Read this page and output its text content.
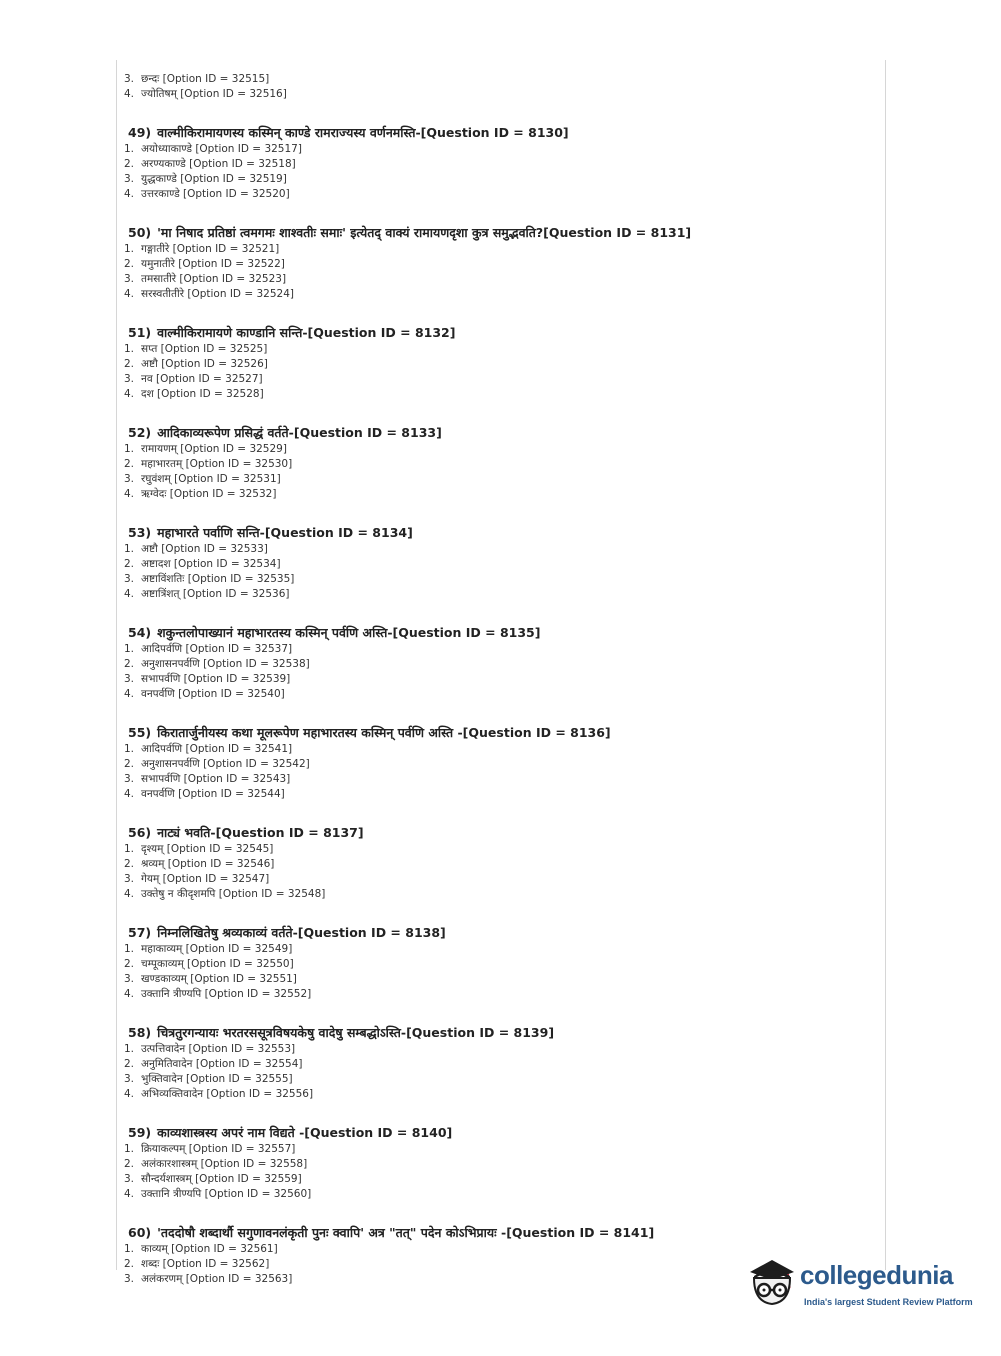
3. छन्दः [Option ID = 32515]
4. ज्योतिषम् [Option ID = 32516]
49) वाल्मीकिरामायणस्य कस्मिन् काण्डे रामराज्यस्य वर्णनमस्ति-[Question ID = 8130]
1. अयोध्याकाण्डे [Option ID = 32517]
2. अरण्यकाण्डे [Option ID = 32518]
3. युद्धकाण्डे [Option ID = 32519]
4. उत्तरकाण्डे [Option ID = 32520]
50) 'मा निषाद प्रतिष्ठां त्वमगमः शाश्वतीः समाः' इत्येतद् वाक्यं रामायणदृशा कुत्र समुद्भवति?[Question ID = 8131]
1. गङ्गातीरे [Option ID = 32521]
2. यमुनातीरे [Option ID = 32522]
3. तमसातीरे [Option ID = 32523]
4. सरस्वतीतीरे [Option ID = 32524]
51) वाल्मीकिरामायणे काण्डानि सन्ति-[Question ID = 8132]
1. सप्त [Option ID = 32525]
2. अष्टौ [Option ID = 32526]
3. नव [Option ID = 32527]
4. दश [Option ID = 32528]
52) आदिकाव्यरूपेण प्रसिद्धं वर्तते-[Question ID = 8133]
1. रामायणम् [Option ID = 32529]
2. महाभारतम् [Option ID = 32530]
3. रघुवंशम् [Option ID = 32531]
4. ऋग्वेदः [Option ID = 32532]
53) महाभारते पर्वाणि सन्ति-[Question ID = 8134]
1. अष्टौ [Option ID = 32533]
2. अष्टादश [Option ID = 32534]
3. अष्टाविंशतिः [Option ID = 32535]
4. अष्टात्रिंशत् [Option ID = 32536]
54) शकुन्तलोपाख्यानं महाभारतस्य कस्मिन् पर्वणि अस्ति-[Question ID = 8135]
1. आदिपर्वणि [Option ID = 32537]
2. अनुशासनपर्वणि [Option ID = 32538]
3. सभापर्वणि [Option ID = 32539]
4. वनपर्वणि [Option ID = 32540]
55) किरातार्जुनीयस्य कथा मूलरूपेण महाभारतस्य कस्मिन् पर्वणि अस्ति -[Question ID = 8136]
1. आदिपर्वणि [Option ID = 32541]
2. अनुशासनपर्वणि [Option ID = 32542]
3. सभापर्वणि [Option ID = 32543]
4. वनपर्वणि [Option ID = 32544]
56) नाट्यं भवति-[Question ID = 8137]
1. दृश्यम् [Option ID = 32545]
2. श्रव्यम् [Option ID = 32546]
3. गेयम् [Option ID = 32547]
4. उक्तेषु न कीदृशमपि [Option ID = 32548]
57) निम्नलिखितेषु श्रव्यकाव्यं वर्तते-[Question ID = 8138]
1. महाकाव्यम् [Option ID = 32549]
2. चम्पूकाव्यम् [Option ID = 32550]
3. खण्डकाव्यम् [Option ID = 32551]
4. उक्तानि त्रीण्यपि [Option ID = 32552]
58) चित्रतुरगन्यायः भरतरससूत्रविषयकेषु वादेषु सम्बद्धोऽस्ति-[Question ID = 8139]
1. उत्पत्तिवादेन [Option ID = 32553]
2. अनुमितिवादेन [Option ID = 32554]
3. भुक्तिवादेन [Option ID = 32555]
4. अभिव्यक्तिवादेन [Option ID = 32556]
59) काव्यशास्त्रस्य अपरं नाम विद्यते -[Question ID = 8140]
1. क्रियाकल्पम् [Option ID = 32557]
2. अलंकारशास्त्रम् [Option ID = 32558]
3. सौन्दर्यशास्त्रम् [Option ID = 32559]
4. उक्तानि त्रीण्यपि [Option ID = 32560]
60) 'तददोषौ शब्दार्थौ सगुणावनलंकृती पुनः क्वापि' अत्र "तत्" पदेन कोऽभिप्रायः -[Question ID = 8141]
1. काव्यम् [Option ID = 32561]
2. शब्दः [Option ID = 32562]
3. अलंकरणम् [Option ID = 32563]	collegedunia
India's largest Student Review Platform
